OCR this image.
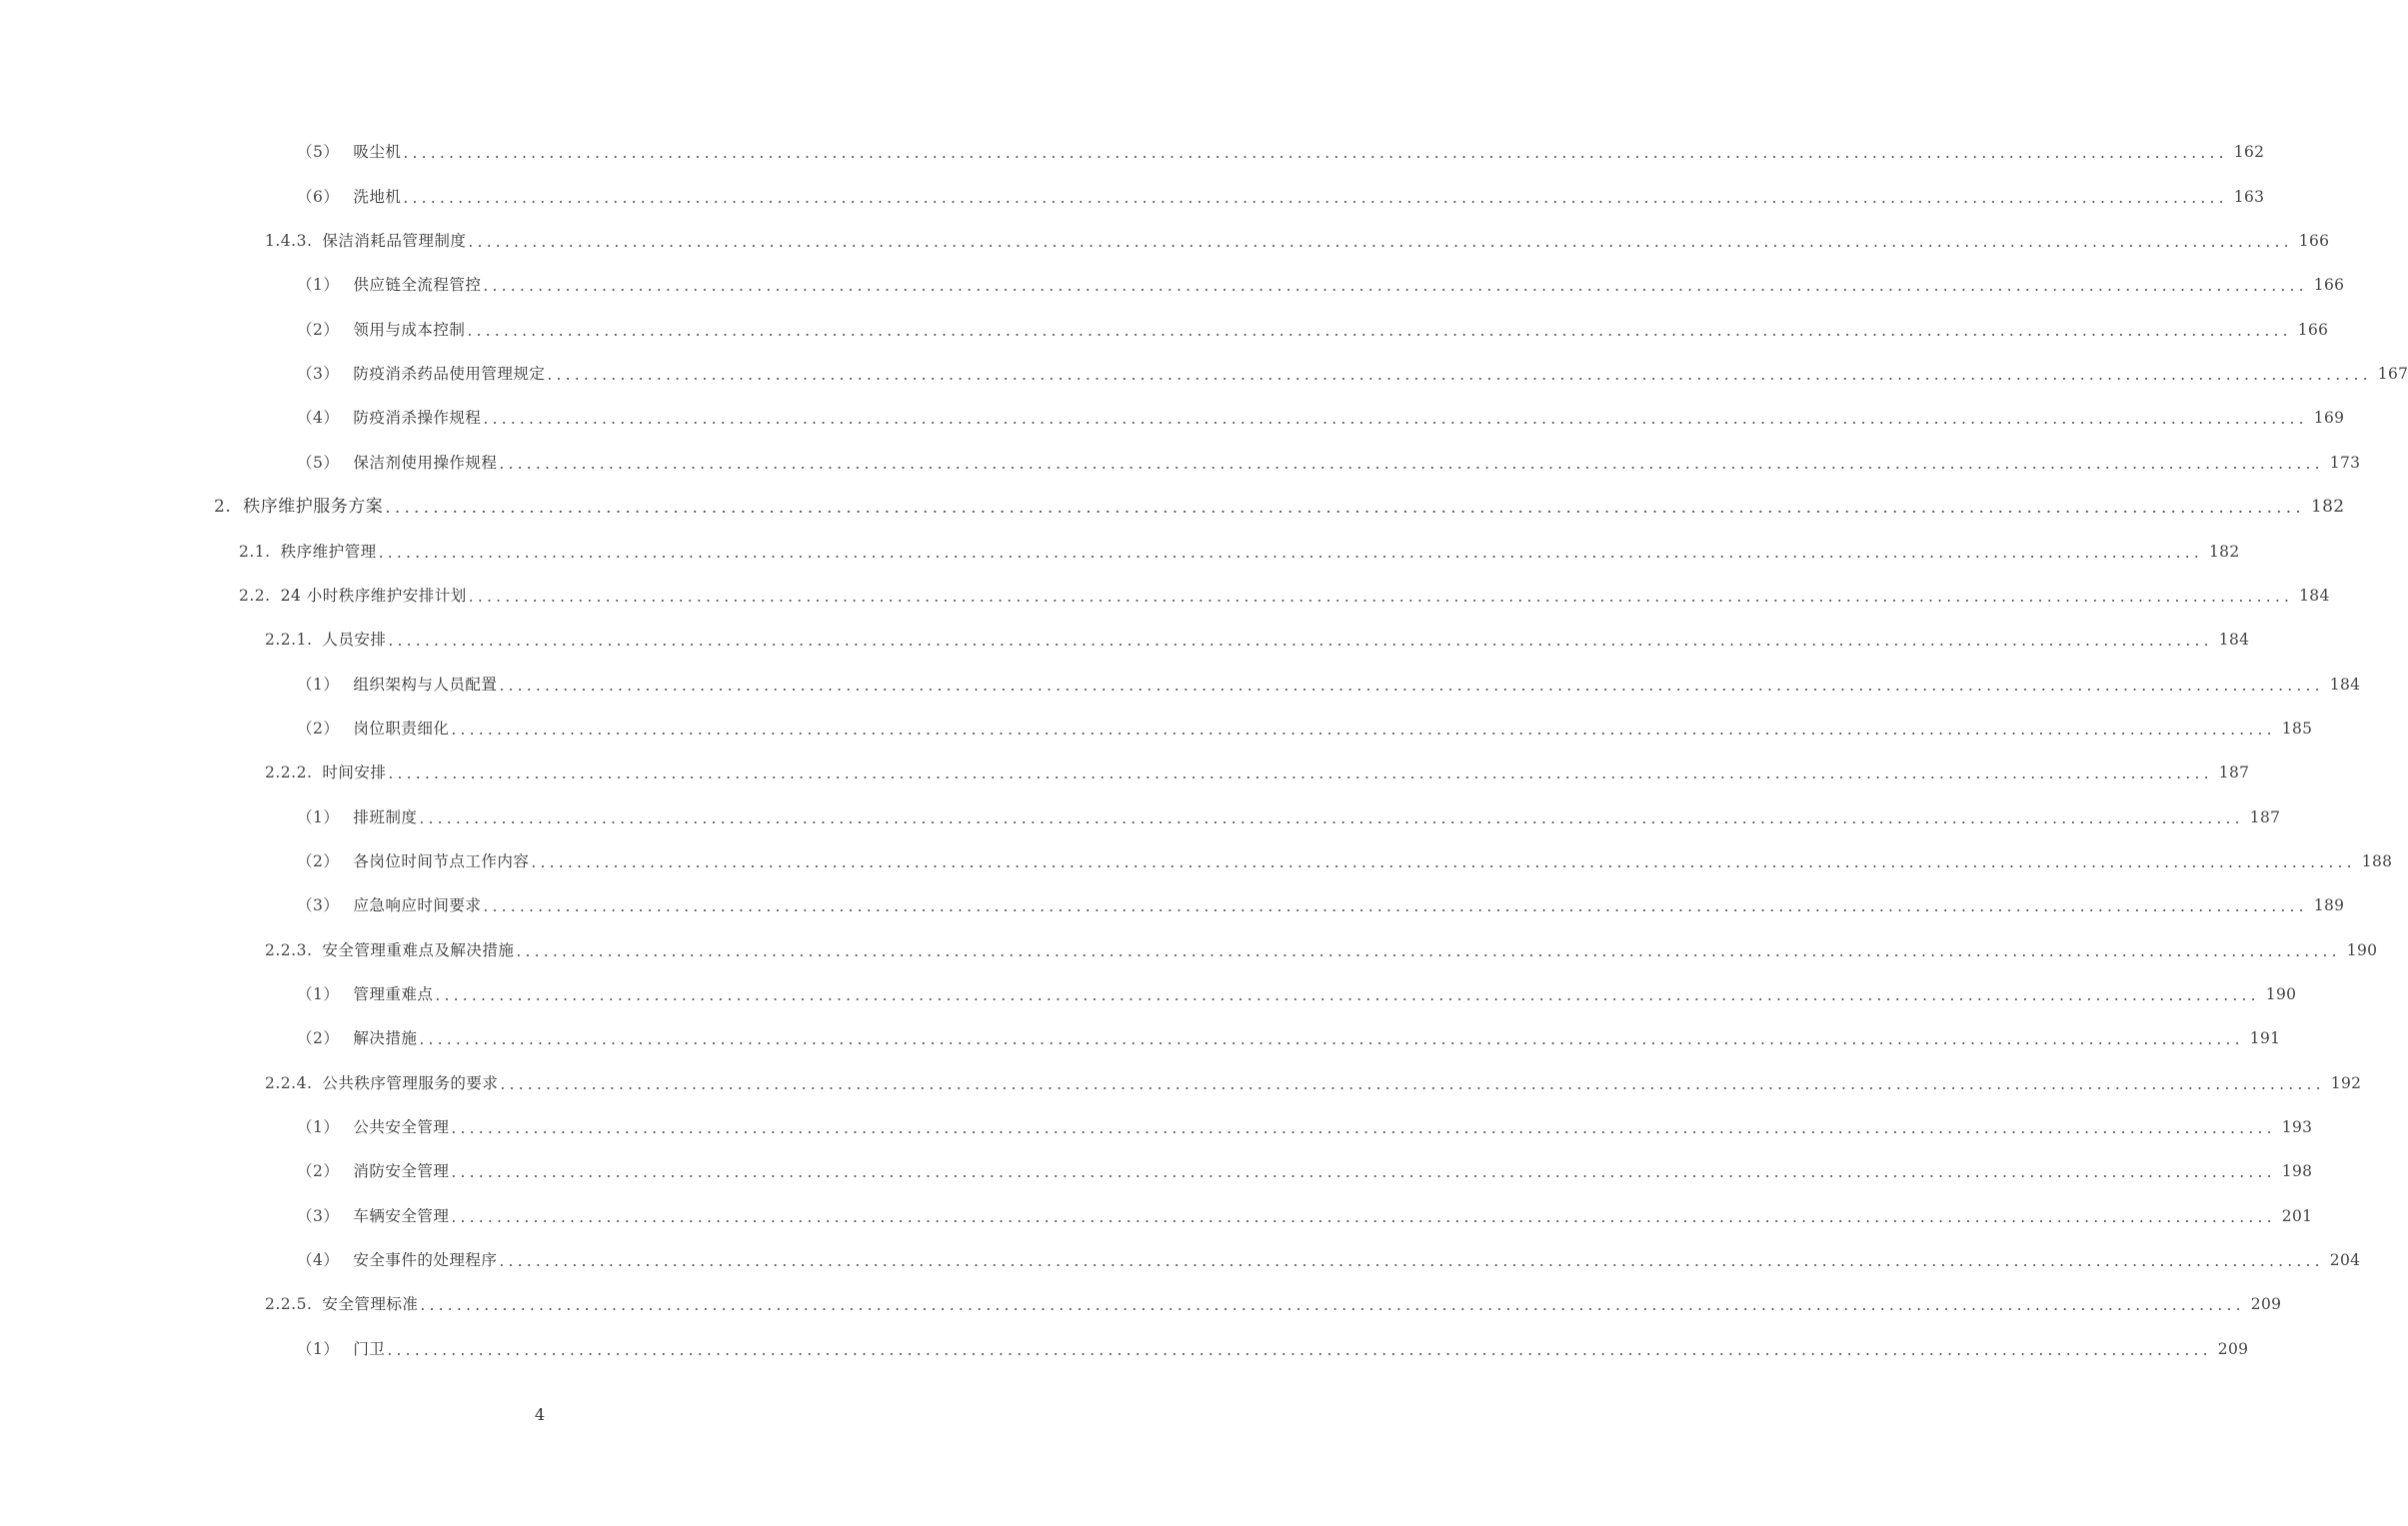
（5） 吸尘机 ........................................................................................................................................................................................................ 162
（6） 洗地机 ........................................................................................................................................................................................................ 163
1.4.3. 保洁消耗品管理制度 ........................................................................................................................................................................................................ 166
（1） 供应链全流程管控 ........................................................................................................................................................................................................ 166
（2） 领用与成本控制 ........................................................................................................................................................................................................ 166
（3） 防疫消杀药品使用管理规定 ........................................................................................................................................................................................................ 167
（4） 防疫消杀操作规程 ........................................................................................................................................................................................................ 169
（5） 保洁剂使用操作规程 ........................................................................................................................................................................................................ 173
2. 秩序维护服务方案 ........................................................................................................................................................................................................ 182
2.1. 秩序维护管理 ........................................................................................................................................................................................................ 182
2.2. 24 小时秩序维护安排计划 ........................................................................................................................................................................................................ 184
2.2.1. 人员安排 ........................................................................................................................................................................................................ 184
（1） 组织架构与人员配置 ........................................................................................................................................................................................................ 184
（2） 岗位职责细化 ........................................................................................................................................................................................................ 185
2.2.2. 时间安排 ........................................................................................................................................................................................................ 187
（1） 排班制度 ........................................................................................................................................................................................................ 187
（2） 各岗位时间节点工作内容 ........................................................................................................................................................................................................ 188
（3） 应急响应时间要求 ........................................................................................................................................................................................................ 189
2.2.3. 安全管理重难点及解决措施 ........................................................................................................................................................................................................ 190
（1） 管理重难点 ........................................................................................................................................................................................................ 190
（2） 解决措施 ........................................................................................................................................................................................................ 191
2.2.4. 公共秩序管理服务的要求 ........................................................................................................................................................................................................ 192
（1） 公共安全管理 ........................................................................................................................................................................................................ 193
（2） 消防安全管理 ........................................................................................................................................................................................................ 198
（3） 车辆安全管理 ........................................................................................................................................................................................................ 201
（4） 安全事件的处理程序 ........................................................................................................................................................................................................ 204
2.2.5. 安全管理标准 ........................................................................................................................................................................................................ 209
（1） 门卫 ........................................................................................................................................................................................................ 209
4
